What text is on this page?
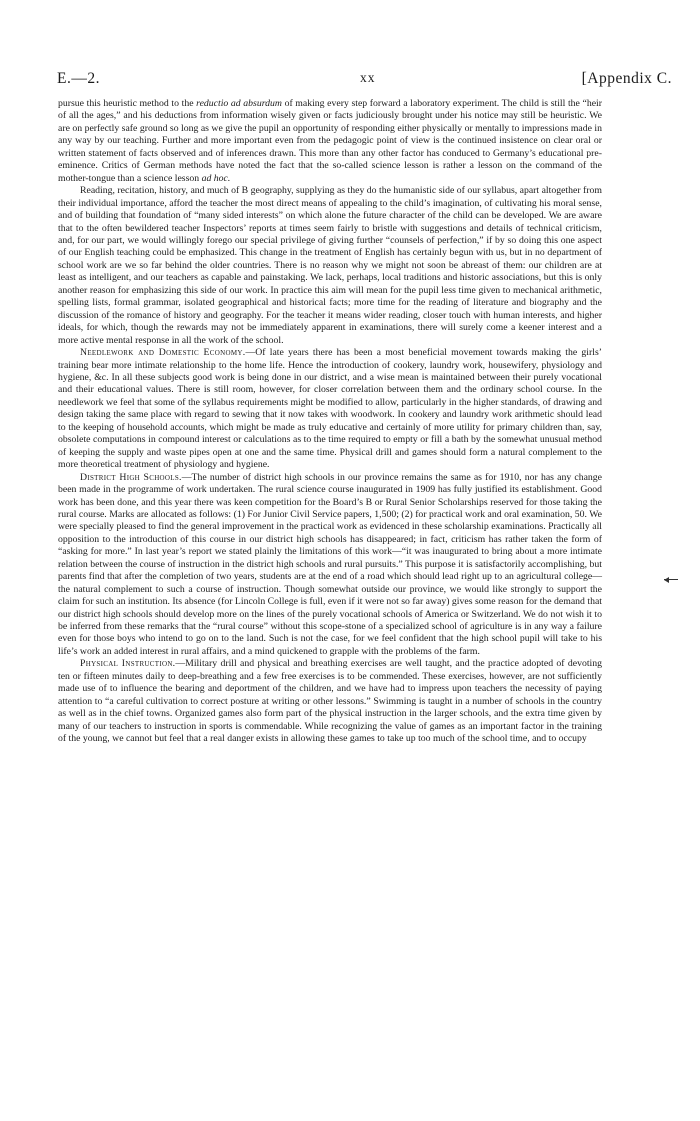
E.—2.	xx	[Appendix C.

pursue this heuristic method to the reductio ad absurdum of making every step forward a laboratory experiment. The child is still the “heir of all the ages,” and his deductions from information wisely given or facts judiciously brought under his notice may still be heuristic. We are on perfectly safe ground so long as we give the pupil an opportunity of responding either physically or mentally to impressions made in any way by our teaching. Further and more important even from the pedagogic point of view is the continued insistence on clear oral or written statement of facts observed and of inferences drawn. This more than any other factor has conduced to Germany’s educational pre-eminence. Critics of German methods have noted the fact that the so-called science lesson is rather a lesson on the command of the mother-tongue than a science lesson ad hoc.

Reading, recitation, history, and much of B geography, supplying as they do the humanistic side of our syllabus, apart altogether from their individual importance, afford the teacher the most direct means of appealing to the child’s imagination, of cultivating his moral sense, and of building that foundation of “many sided interests” on which alone the future character of the child can be developed. We are aware that to the often bewildered teacher Inspectors’ reports at times seem fairly to bristle with suggestions and details of technical criticism, and, for our part, we would willingly forego our special privilege of giving further “counsels of perfection,” if by so doing this one aspect of our English teaching could be emphasized. This change in the treatment of English has certainly begun with us, but in no department of school work are we so far behind the older countries. There is no reason why we might not soon be abreast of them: our children are at least as intelligent, and our teachers as capable and painstaking. We lack, perhaps, local traditions and historic associations, but this is only another reason for emphasizing this side of our work. In practice this aim will mean for the pupil less time given to mechanical arithmetic, spelling lists, formal grammar, isolated geographical and historical facts; more time for the reading of literature and biography and the discussion of the romance of history and geography. For the teacher it means wider reading, closer touch with human interests, and higher ideals, for which, though the rewards may not be immediately apparent in examinations, there will surely come a keener interest and a more active mental response in all the work of the school.

Needlework and Domestic Economy.—Of late years there has been a most beneficial movement towards making the girls’ training bear more intimate relationship to the home life. Hence the introduction of cookery, laundry work, housewifery, physiology and hygiene, &c. In all these subjects good work is being done in our district, and a wise mean is maintained between their purely vocational and their educational values. There is still room, however, for closer correlation between them and the ordinary school course. In the needlework we feel that some of the syllabus requirements might be modified to allow, particularly in the higher standards, of drawing and design taking the same place with regard to sewing that it now takes with woodwork. In cookery and laundry work arithmetic should lead to the keeping of household accounts, which might be made as truly educative and certainly of more utility for primary children than, say, obsolete computations in compound interest or calculations as to the time required to empty or fill a bath by the somewhat unusual method of keeping the supply and waste pipes open at one and the same time. Physical drill and games should form a natural complement to the more theoretical treatment of physiology and hygiene.

District High Schools.—The number of district high schools in our province remains the same as for 1910, nor has any change been made in the programme of work undertaken. The rural science course inaugurated in 1909 has fully justified its establishment. Good work has been done, and this year there was keen competition for the Board’s B or Rural Senior Scholarships reserved for those taking the rural course. Marks are allocated as follows: (1) For Junior Civil Service papers, 1,500; (2) for practical work and oral examination, 50. We were specially pleased to find the general improvement in the practical work as evidenced in these scholarship examinations. Practically all opposition to the introduction of this course in our district high schools has disappeared; in fact, criticism has rather taken the form of “asking for more.” In last year’s report we stated plainly the limitations of this work—“it was inaugurated to bring about a more intimate relation between the course of instruction in the district high schools and rural pursuits.” This purpose it is satisfactorily accomplishing, but parents find that after the completion of two years, students are at the end of a road which should lead right up to an agricultural college—the natural complement to such a course of instruction. Though somewhat outside our province, we would like strongly to support the claim for such an institution. Its absence (for Lincoln College is full, even if it were not so far away) gives some reason for the demand that our district high schools should develop more on the lines of the purely vocational schools of America or Switzerland. We do not wish it to be inferred from these remarks that the “rural course” without this scope-stone of a specialized school of agriculture is in any way a failure even for those boys who intend to go on to the land. Such is not the case, for we feel confident that the high school pupil will take to his life’s work an added interest in rural affairs, and a mind quickened to grapple with the problems of the farm.

Physical Instruction.—Military drill and physical and breathing exercises are well taught, and the practice adopted of devoting ten or fifteen minutes daily to deep-breathing and a few free exercises is to be commended. These exercises, however, are not sufficiently made use of to influence the bearing and deportment of the children, and we have had to impress upon teachers the necessity of paying attention to “a careful cultivation to correct posture at writing or other lessons.” Swimming is taught in a number of schools in the country as well as in the chief towns. Organized games also form part of the physical instruction in the larger schools, and the extra time given by many of our teachers to instruction in sports is commendable. While recognizing the value of games as an important factor in the training of the young, we cannot but feel that a real danger exists in allowing these games to take up too much of the school time, and to occupy
